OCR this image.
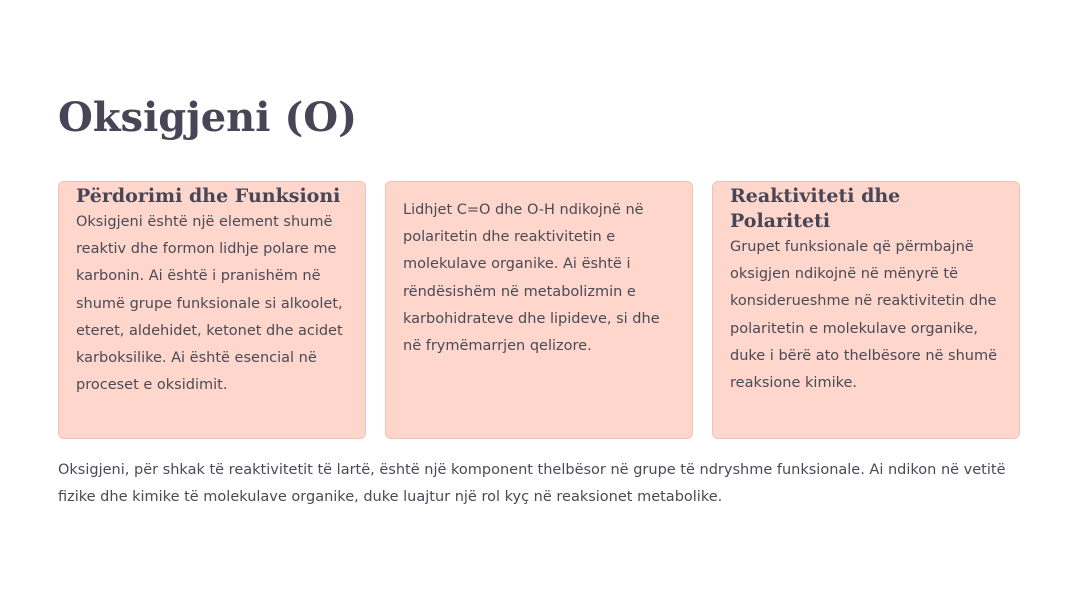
Oksigjeni (O)
Përdorimi dhe Funksioni

Oksigjeni është një element shumë reaktiv dhe formon lidhje polare me karbonin. Ai është i pranishëm në shumë grupe funksionale si alkoolet, eteret, aldehidet, ketonet dhe acidet karboksilike. Ai është esencial në proceset e oksidimit.

Lidhjet C=O dhe O-H ndikojnë në polaritetin dhe reaktivitetin e molekulave organike. Ai është i rëndësishëm në metabolizmin e karbohidrateve dhe lipideve, si dhe në frymëmarrjen qelizore.

Reaktiviteti dhe Polariteti

Grupet funksionale që përmbajnë oksigjen ndikojnë në mënyrë të konsiderueshme në reaktivitetin dhe polaritetin e molekulave organike, duke i bërë ato thelbësore në shumë reaksione kimike.

Oksigjeni, për shkak të reaktivitetit të lartë, është një komponent thelbësor në grupe të ndryshme funksionale. Ai ndikon në vetitë fizike dhe kimike të molekulave organike, duke luajtur një rol kyç në reaksionet metabolike.
